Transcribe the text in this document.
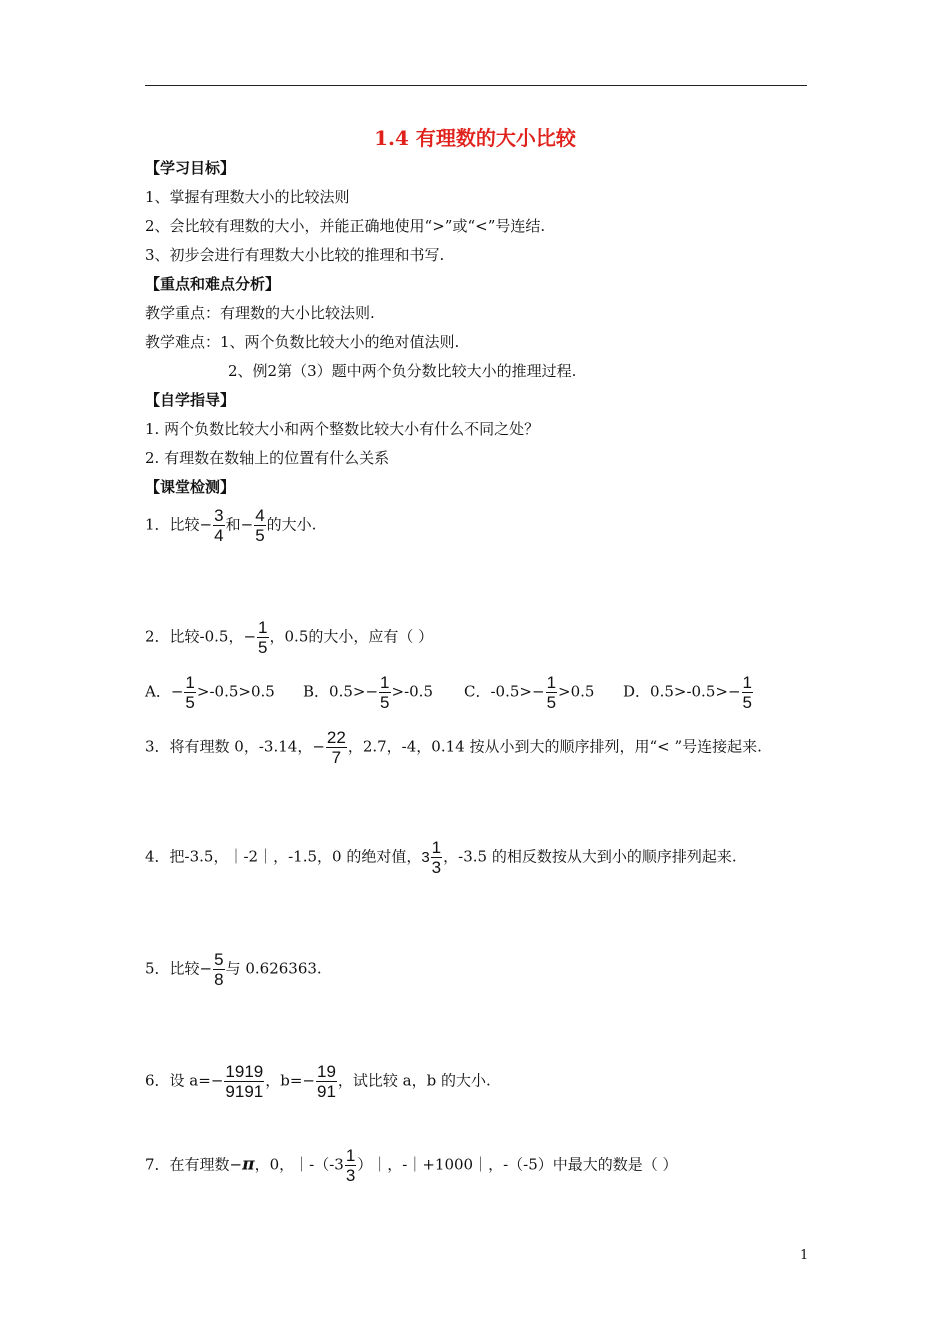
1.4 有理数的大小比较
【学习目标】
1、掌握有理数大小的比较法则
2、会比较有理数的大小，并能正确地使用“>”或“<”号连结.
3、初步会进行有理数大小比较的推理和书写.
【重点和难点分析】
教学重点：有理数的大小比较法则.
教学难点：1、两个负数比较大小的绝对值法则.
2、例2第（3）题中两个负分数比较大小的推理过程.
【自学指导】
1. 两个负数比较大小和两个整数比较大小有什么不同之处？
2. 有理数在数轴上的位置有什么关系
【课堂检测】
1．比较− $\frac{3}{4}$ 和− $\frac{4}{5}$ 的大小.
2．比较-0.5，− $\frac{1}{5}$ ，0.5的大小，应有（ ）
A．− $\frac{1}{5} >-0.5>0.5$ B．$0.5>- \frac{1}{5} >-0.5$ C．$-0.5>- \frac{1}{5} >0.5$ D．$0.5>-0.5>- \frac{1}{5}$
3．将有理数 0，-3.14，− $\frac{22}{7}$ ，2.7，-4，0.14 按从小到大的顺序排列，用“< ”号连接起来.
4．把-3.5，｜-2｜，-1.5，0 的绝对值，$3 \frac{1}{3}$ ，-3.5 的相反数按从大到小的顺序排列起来.
5．比较− $\frac{5}{8}$ 与 0.626363.
6．设 $a=- \frac{1919}{9191}$ ，$b=- \frac{19}{91}$ ，试比较 a，b 的大小.
7．在有理数−π，0，｜-（-3 $\frac{1}{3}$ ）｜，-｜+1000｜，-（-5）中最大的数是（ ）
1
